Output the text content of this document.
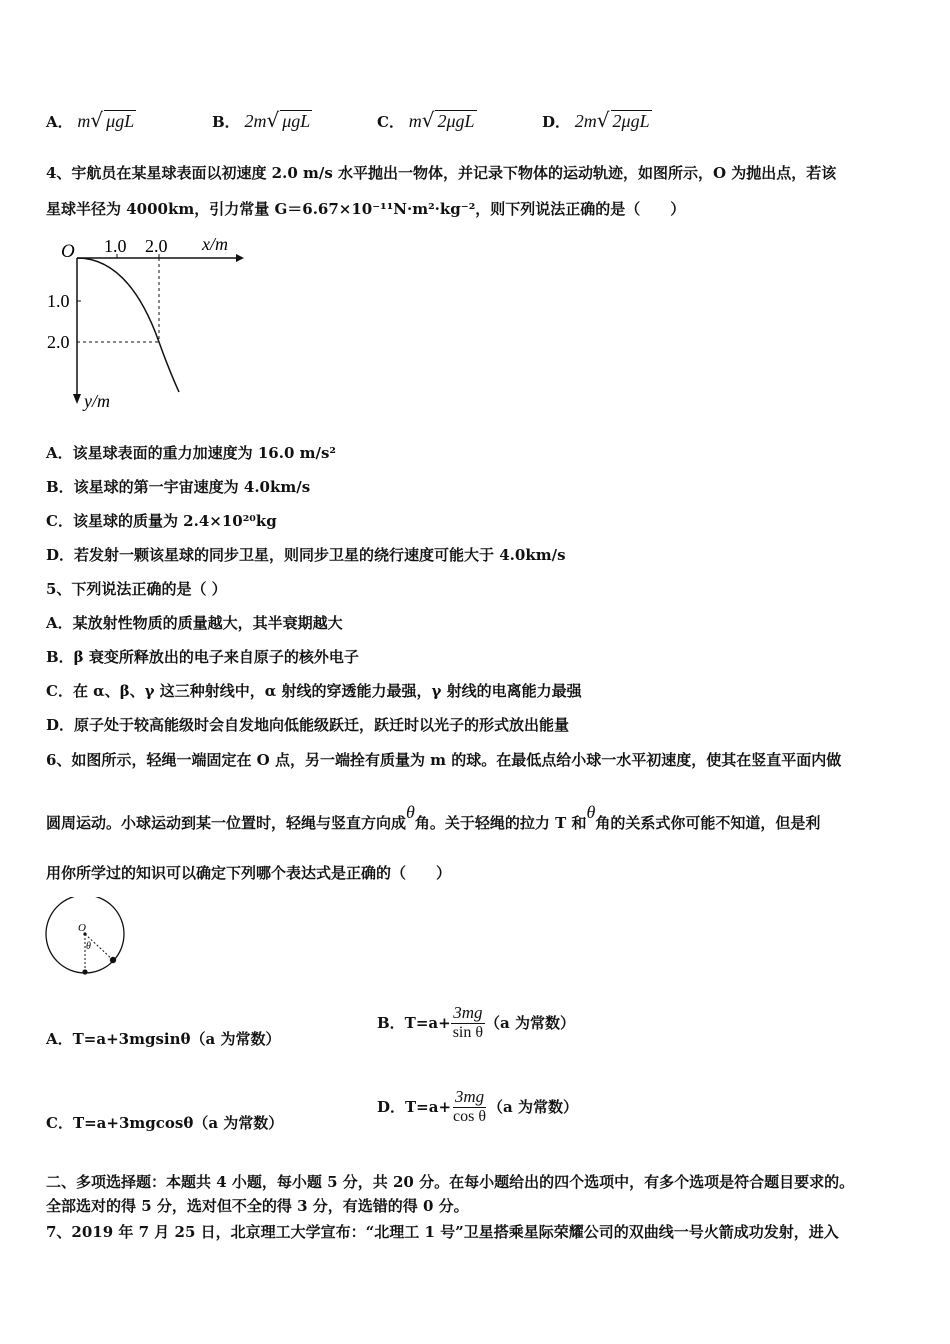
A． m√ μgL	B． 2m√ μgL	C． m√ 2μgL	D． 2m√ 2μgL
4、宇航员在某星球表面以初速度 2.0 m/s 水平抛出一物体，并记录下物体的运动轨迹，如图所示，O 为抛出点，若该
星球半径为 4000km，引力常量 G＝6.67×10⁻¹¹N·m²·kg⁻²，则下列说法正确的是（　　）
O 1.0 2.0 x/m
1.0
2.0
y/m
A．该星球表面的重力加速度为 16.0 m/s²
B．该星球的第一宇宙速度为 4.0km/s
C．该星球的质量为 2.4×10²⁰kg
D．若发射一颗该星球的同步卫星，则同步卫星的绕行速度可能大于 4.0km/s
5、下列说法正确的是（ ）
A．某放射性物质的质量越大，其半衰期越大
B．β 衰变所释放出的电子来自原子的核外电子
C．在 α、β、γ 这三种射线中，α 射线的穿透能力最强，γ 射线的电离能力最强
D．原子处于较高能级时会自发地向低能级跃迁，跃迁时以光子的形式放出能量
6、如图所示，轻绳一端固定在 O 点，另一端拴有质量为 m 的球。在最低点给小球一水平初速度，使其在竖直平面内做
圆周运动。小球运动到某一位置时，轻绳与竖直方向成θ角。关于轻绳的拉力 T 和θ角的关系式你可能不知道，但是利
用你所学过的知识可以确定下列哪个表达式是正确的（　　）
O
θ
A．T=a+3mgsinθ（a 为常数）
B．$T=a+ \frac{3mg}{\text{sin θ}} (a$ 为常数）
C．T=a+3mgcosθ（a 为常数）
D．$T=a+ \frac{3mg}{\text{cos θ}} (a$ 为常数）
二、多项选择题：本题共 4 小题，每小题 5 分，共 20 分。在每小题给出的四个选项中，有多个选项是符合题目要求的。
全部选对的得 5 分，选对但不全的得 3 分，有选错的得 0 分。
7、2019 年 7 月 25 日，北京理工大学宣布：“北理工 1 号”卫星搭乘星际荣耀公司的双曲线一号火箭成功发射，进入
